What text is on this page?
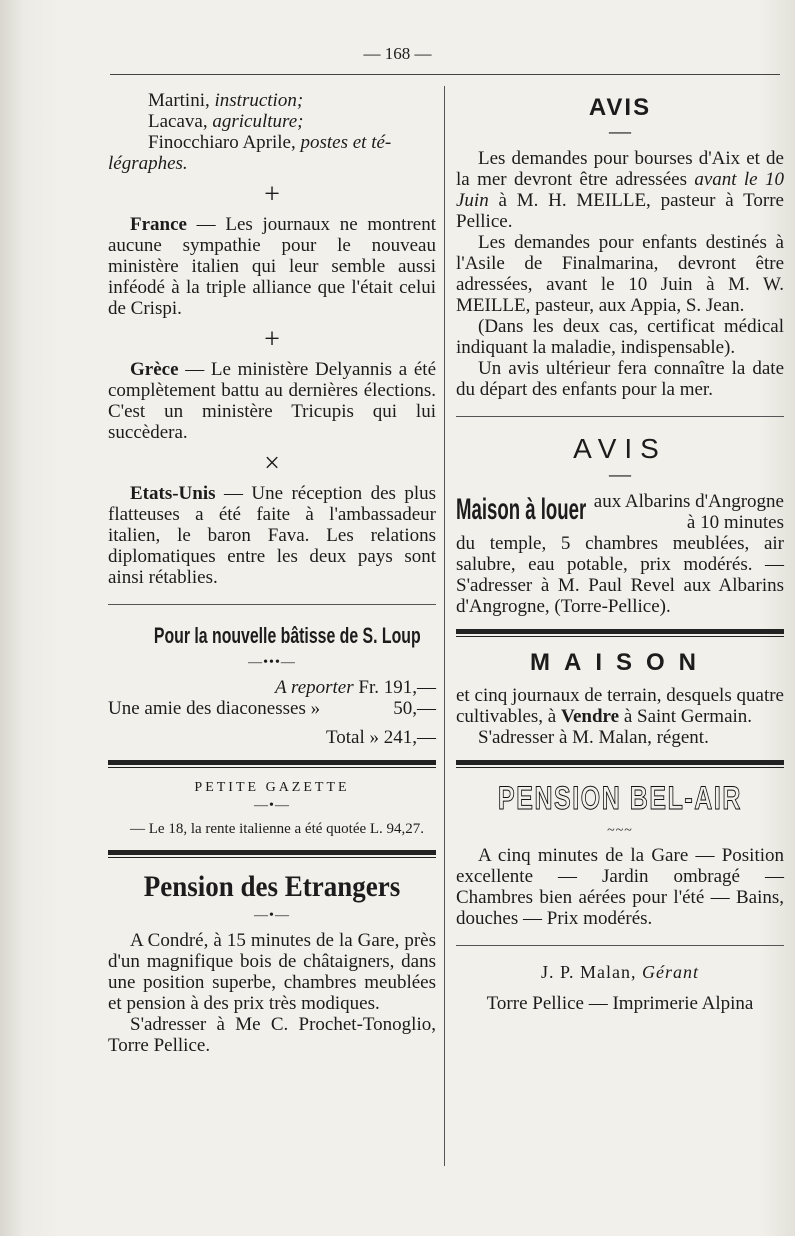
— 168 —

Martini, instruction;

Lacava, agriculture;

Finocchiaro Aprile, postes et té-

légraphes.

+

France — Les journaux ne montrent aucune sympathie pour le nouveau ministère italien qui leur semble aussi inféodé à la triple alliance que l'était celui de Crispi.

+

Grèce — Le ministère Delyannis a été complètement battu au dernières élections. C'est un ministère Tricupis qui lui succèdera.

×

Etats-Unis — Une réception des plus flatteuses a été faite à l'ambassadeur italien, le baron Fava. Les relations diplomatiques entre les deux pays sont ainsi rétablies.

Pour la nouvelle bâtisse de S. Loup
—•••—

A reporter Fr. 191,—

Une amie des diaconesses »	50,—

Total » 241,—

PETITE GAZETTE
—•—

— Le 18, la rente italienne a été quotée L. 94,27.

Pension des Etrangers
—•—

A Condré, à 15 minutes de la Gare, près d'un magnifique bois de châtaigners, dans une position superbe, chambres meublées et pension à des prix très modiques.

S'adresser à Me C. Prochet-Tonoglio, Torre Pellice.

AVIS
—

Les demandes pour bourses d'Aix et de la mer devront être adressées avant le 10 Juin à M. H. MEILLE, pasteur à Torre Pellice.

Les demandes pour enfants destinés à l'Asile de Finalmarina, devront être adressées, avant le 10 Juin à M. W. MEILLE, pasteur, aux Appia, S. Jean.

(Dans les deux cas, certificat médical indiquant la maladie, indispensable).

Un avis ultérieur fera connaître la date du départ des enfants pour la mer.

AVIS
—
Maison à louer aux Albarins d'Angrogne à 10 minutes

du temple, 5 chambres meublées, air salubre, eau potable, prix modérés. — S'adresser à M. Paul Revel aux Albarins d'Angrogne, (Torre-Pellice).

MAISON

et cinq journaux de terrain, desquels quatre cultivables, à Vendre à Saint Germain.

S'adresser à M. Malan, régent.

PENSION BEL-AIR
~~~

A cinq minutes de la Gare — Position excellente — Jardin ombragé — Chambres bien aérées pour l'été — Bains, douches — Prix modérés.

J. P. Malan, Gérant
Torre Pellice — Imprimerie Alpina
